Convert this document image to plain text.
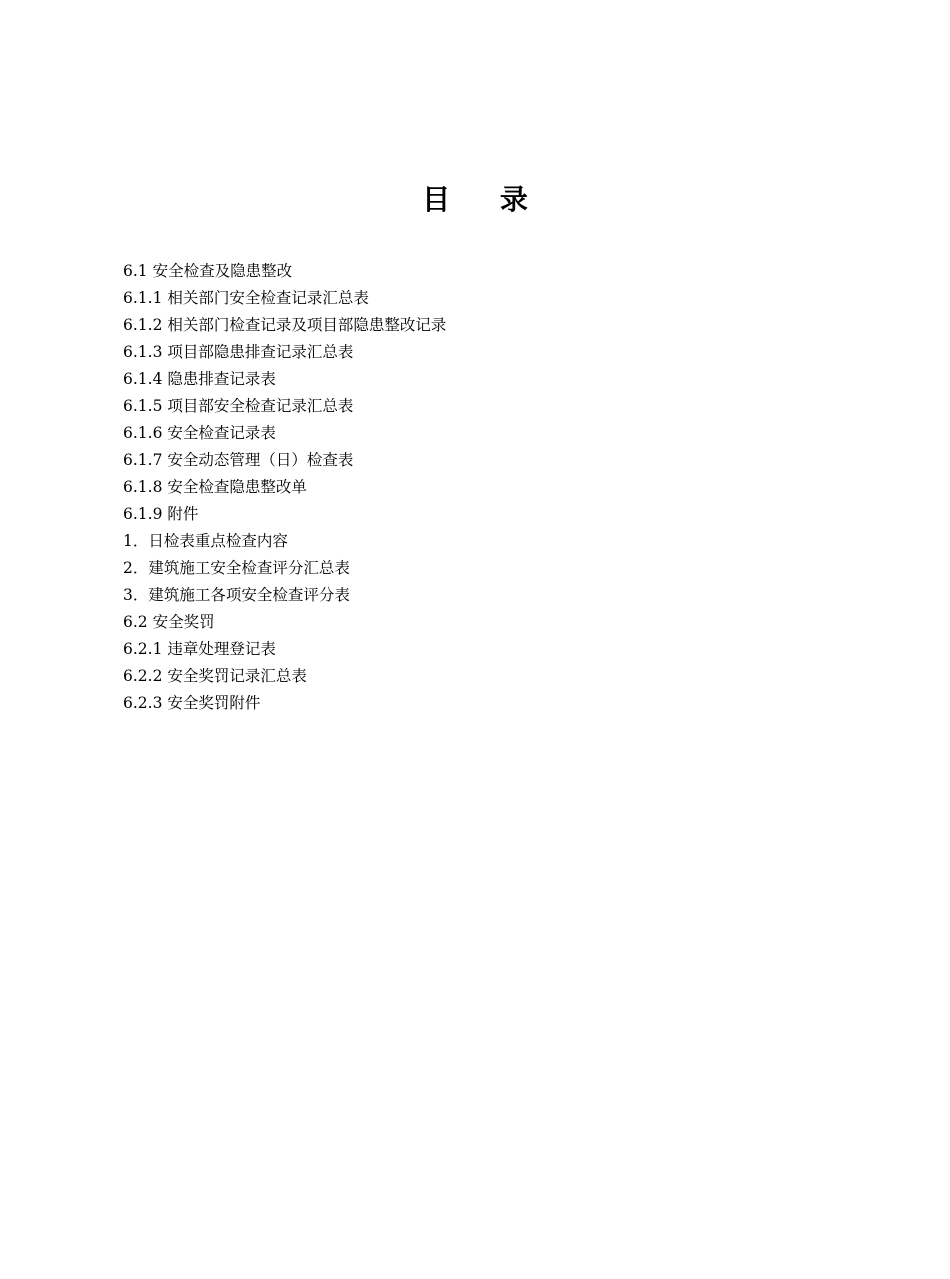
目 录
6.1 安全检查及隐患整改
6.1.1 相关部门安全检查记录汇总表
6.1.2 相关部门检查记录及项目部隐患整改记录
6.1.3 项目部隐患排查记录汇总表
6.1.4 隐患排查记录表
6.1.5 项目部安全检查记录汇总表
6.1.6 安全检查记录表
6.1.7 安全动态管理（日）检查表
6.1.8 安全检查隐患整改单
6.1.9 附件
1．日检表重点检查内容
2．建筑施工安全检查评分汇总表
3．建筑施工各项安全检查评分表
6.2 安全奖罚
6.2.1 违章处理登记表
6.2.2 安全奖罚记录汇总表
6.2.3 安全奖罚附件
